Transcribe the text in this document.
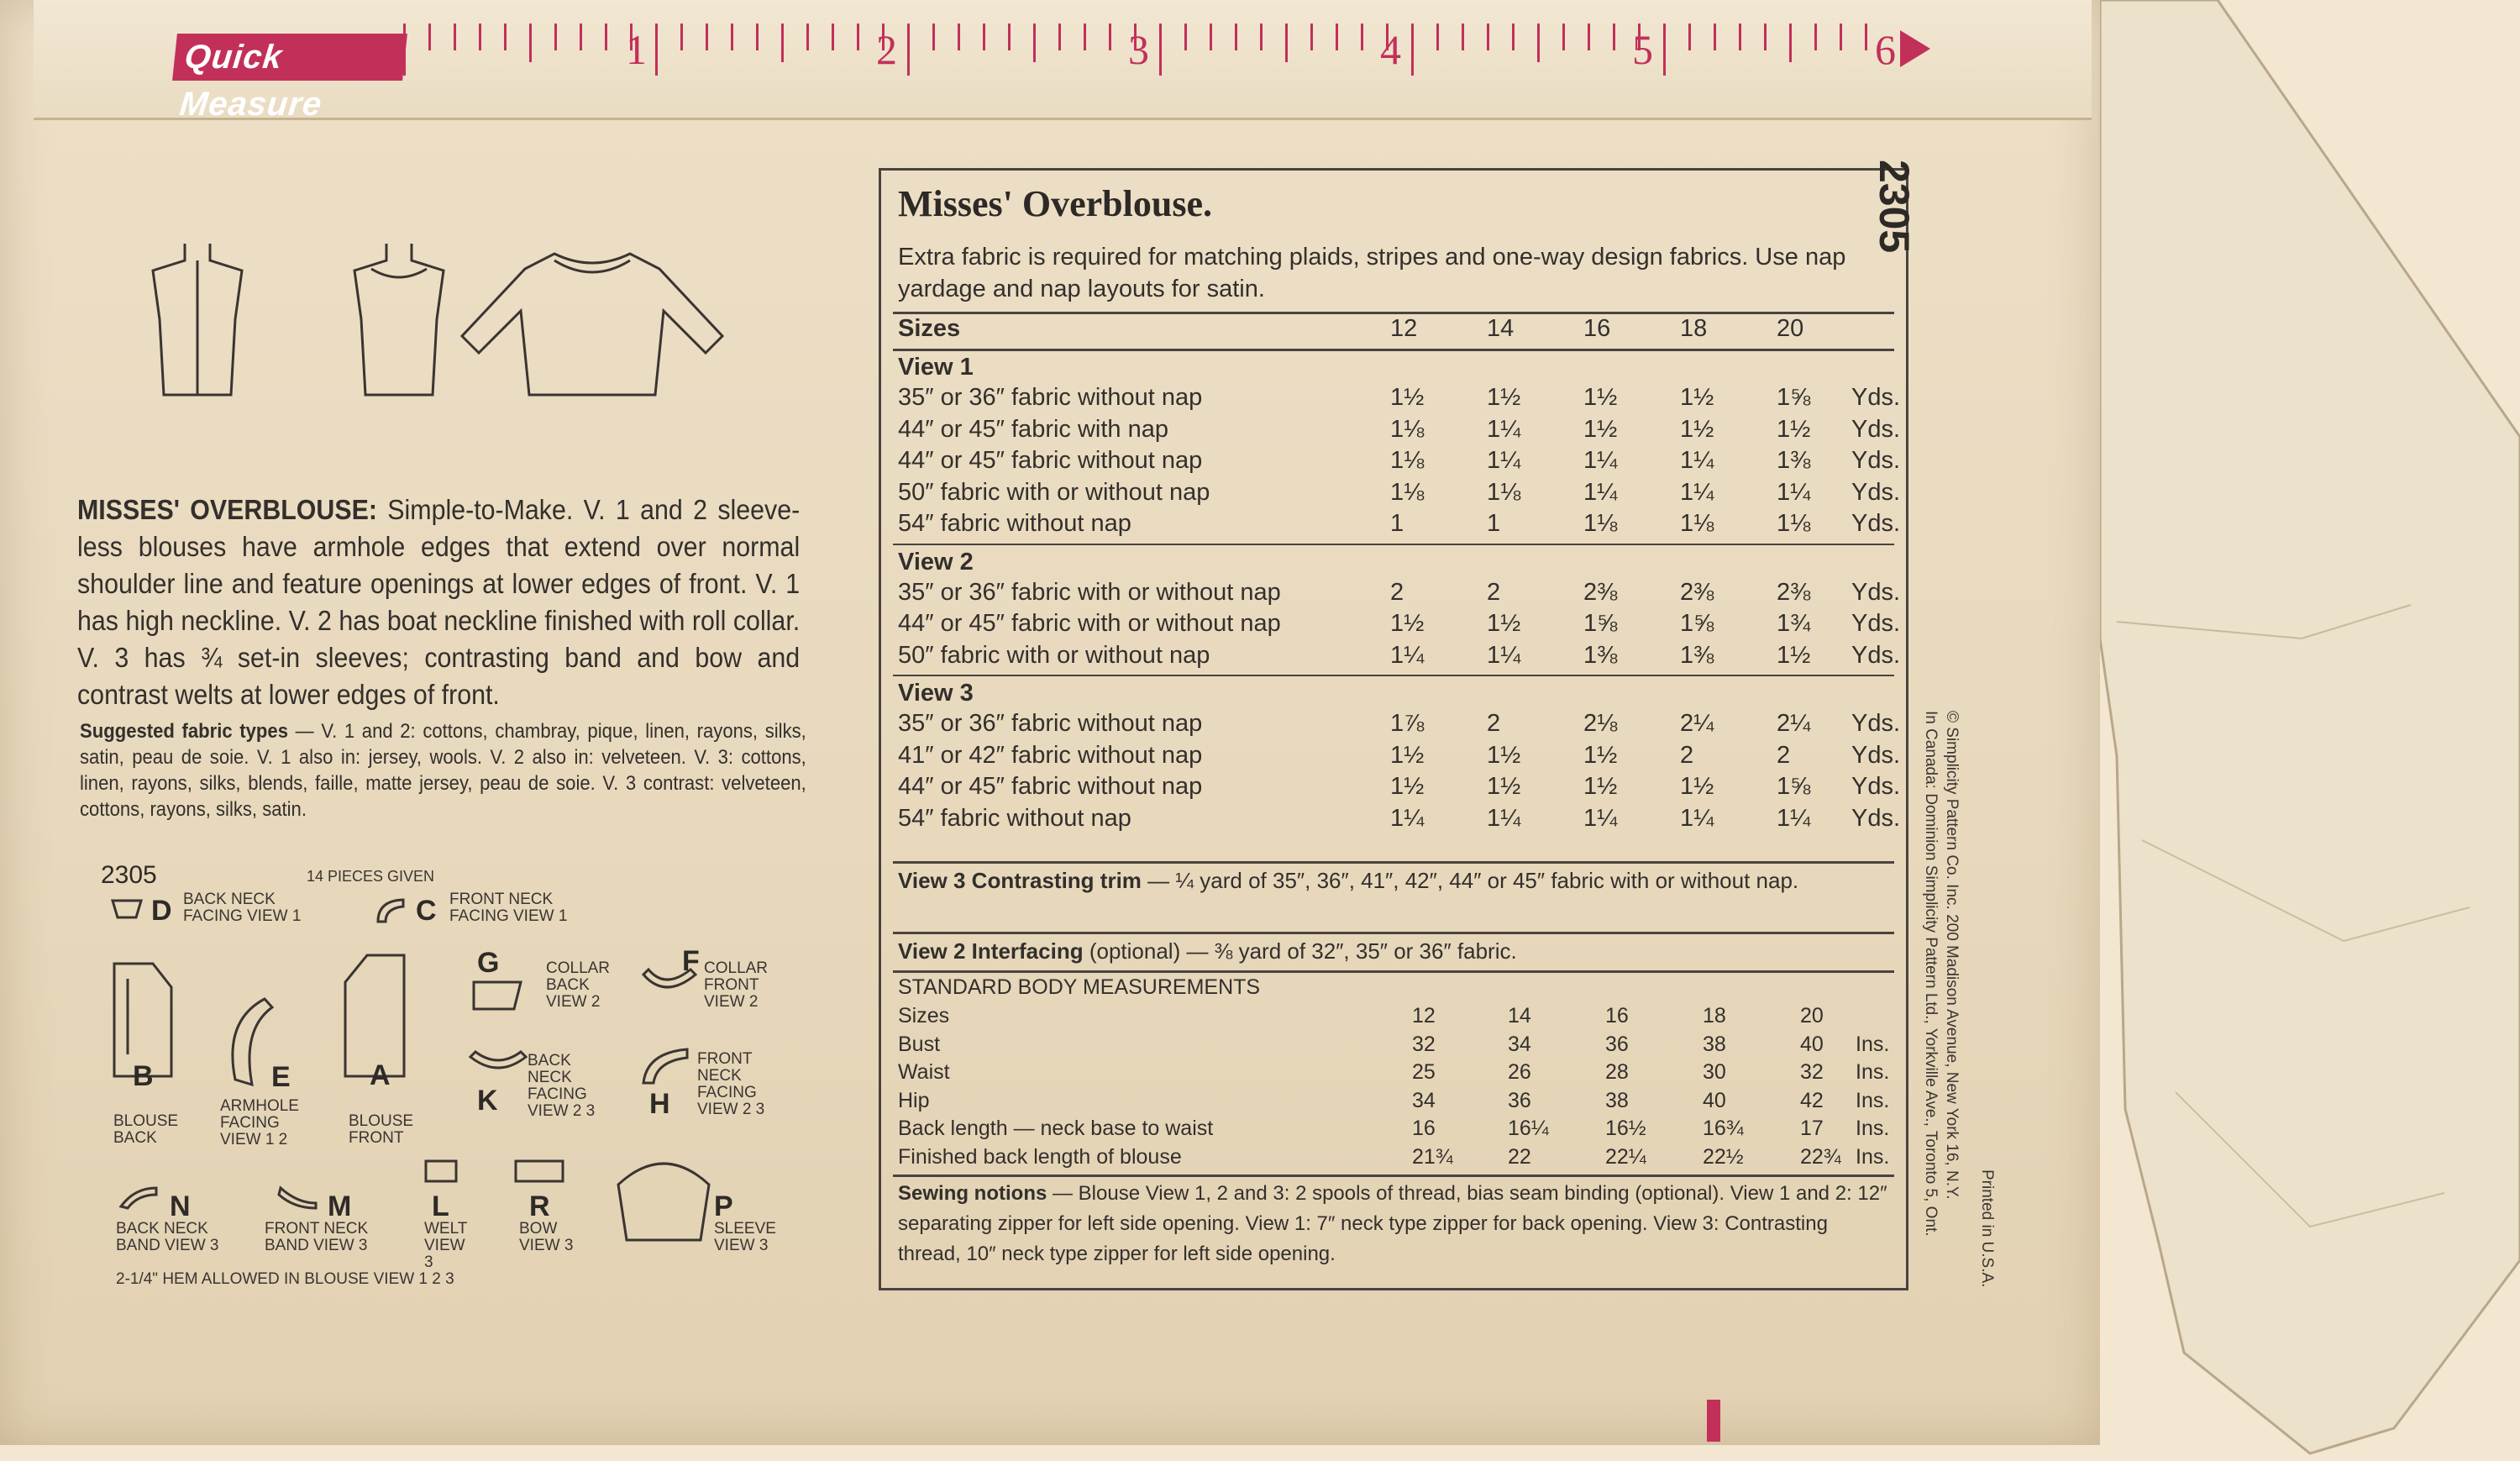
Quick Measure
1	2	3	4	5	6
MISSES' OVERBLOUSE: Simple-to-Make. V. 1 and 2 sleeve-less blouses have armhole edges that extend over normal shoulder line and feature openings at lower edges of front. V. 1 has high neckline. V. 2 has boat neckline finished with roll collar. V. 3 has ¾ set-in sleeves; contrasting band and bow and contrast welts at lower edges of front.
Suggested fabric types — V. 1 and 2: cottons, chambray, pique, linen, rayons, silks, satin, peau de soie. V. 1 also in: jersey, wools. V. 2 also in: velveteen. V. 3: cottons, linen, rayons, silks, blends, faille, matte jersey, peau de soie. V. 3 contrast: velveteen, cottons, rayons, silks, satin.
2305	14 PIECES GIVEN
D BACK NECK FACING VIEW 1	C FRONT NECK FACING VIEW 1
B
BLOUSE BACK
E
ARMHOLE FACING VIEW 1 2
A
BLOUSE FRONT
G	COLLAR BACK VIEW 2
F COLLAR FRONT VIEW 2
K
BACK NECK FACING VIEW 2 3	H
FRONT NECK FACING VIEW 2 3
N
BACK NECK BAND VIEW 3
M
FRONT NECK BAND VIEW 3
L
WELT VIEW 3
R
BOW VIEW 3
P
SLEEVE VIEW 3
2-1/4" HEM ALLOWED IN BLOUSE VIEW 1 2 3
Misses' Overblouse.
Extra fabric is required for matching plaids, stripes and one-way design fabrics. Use nap yardage and nap layouts for satin.
Sizes	12	14	16	18	20
View 1
35″ or 36″ fabric without nap	1½	1½	1½	1½	1⅝	Yds.
44″ or 45″ fabric with nap	1⅛	1¼	1½	1½	1½	Yds.
44″ or 45″ fabric without nap	1⅛	1¼	1¼	1¼	1⅜	Yds.
50″ fabric with or without nap	1⅛	1⅛	1¼	1¼	1¼	Yds.
54″ fabric without nap	1	1	1⅛	1⅛	1⅛	Yds.
View 2
35″ or 36″ fabric with or without nap	2	2	2⅜	2⅜	2⅜	Yds.
44″ or 45″ fabric with or without nap	1½	1½	1⅝	1⅝	1¾	Yds.
50″ fabric with or without nap	1¼	1¼	1⅜	1⅜	1½	Yds.
View 3
35″ or 36″ fabric without nap	1⅞	2	2⅛	2¼	2¼	Yds.
41″ or 42″ fabric without nap	1½	1½	1½	2	2	Yds.
44″ or 45″ fabric without nap	1½	1½	1½	1½	1⅝	Yds.
54″ fabric without nap	1¼	1¼	1¼	1¼	1¼	Yds.
View 3 Contrasting trim — ¼ yard of 35″, 36″, 41″, 42″, 44″ or 45″ fabric with or without nap.
View 2 Interfacing (optional) — ⅜ yard of 32″, 35″ or 36″ fabric.
STANDARD BODY MEASUREMENTS
Sizes	12	14	16	18	20
Bust	32	34	36	38	40	Ins.
Waist	25	26	28	30	32	Ins.
Hip	34	36	38	40	42	Ins.
Back length — neck base to waist	16	16¼	16½	16¾	17	Ins.
Finished back length of blouse	21¾	22	22¼	22½	22¾ Ins.
Sewing notions — Blouse View 1, 2 and 3: 2 spools of thread, bias seam binding (optional). View 1 and 2: 12″ separating zipper for left side opening. View 1: 7″ neck type zipper for back opening. View 3: Contrasting thread, 10″ neck type zipper for left side opening.
2305
© Simplicity Pattern Co. Inc. 200 Madison Avenue, New York 16, N.Y.
In Canada: Dominion Simplicity Pattern Ltd., Yorkville Ave., Toronto 5, Ont. Printed in U.S.A.
